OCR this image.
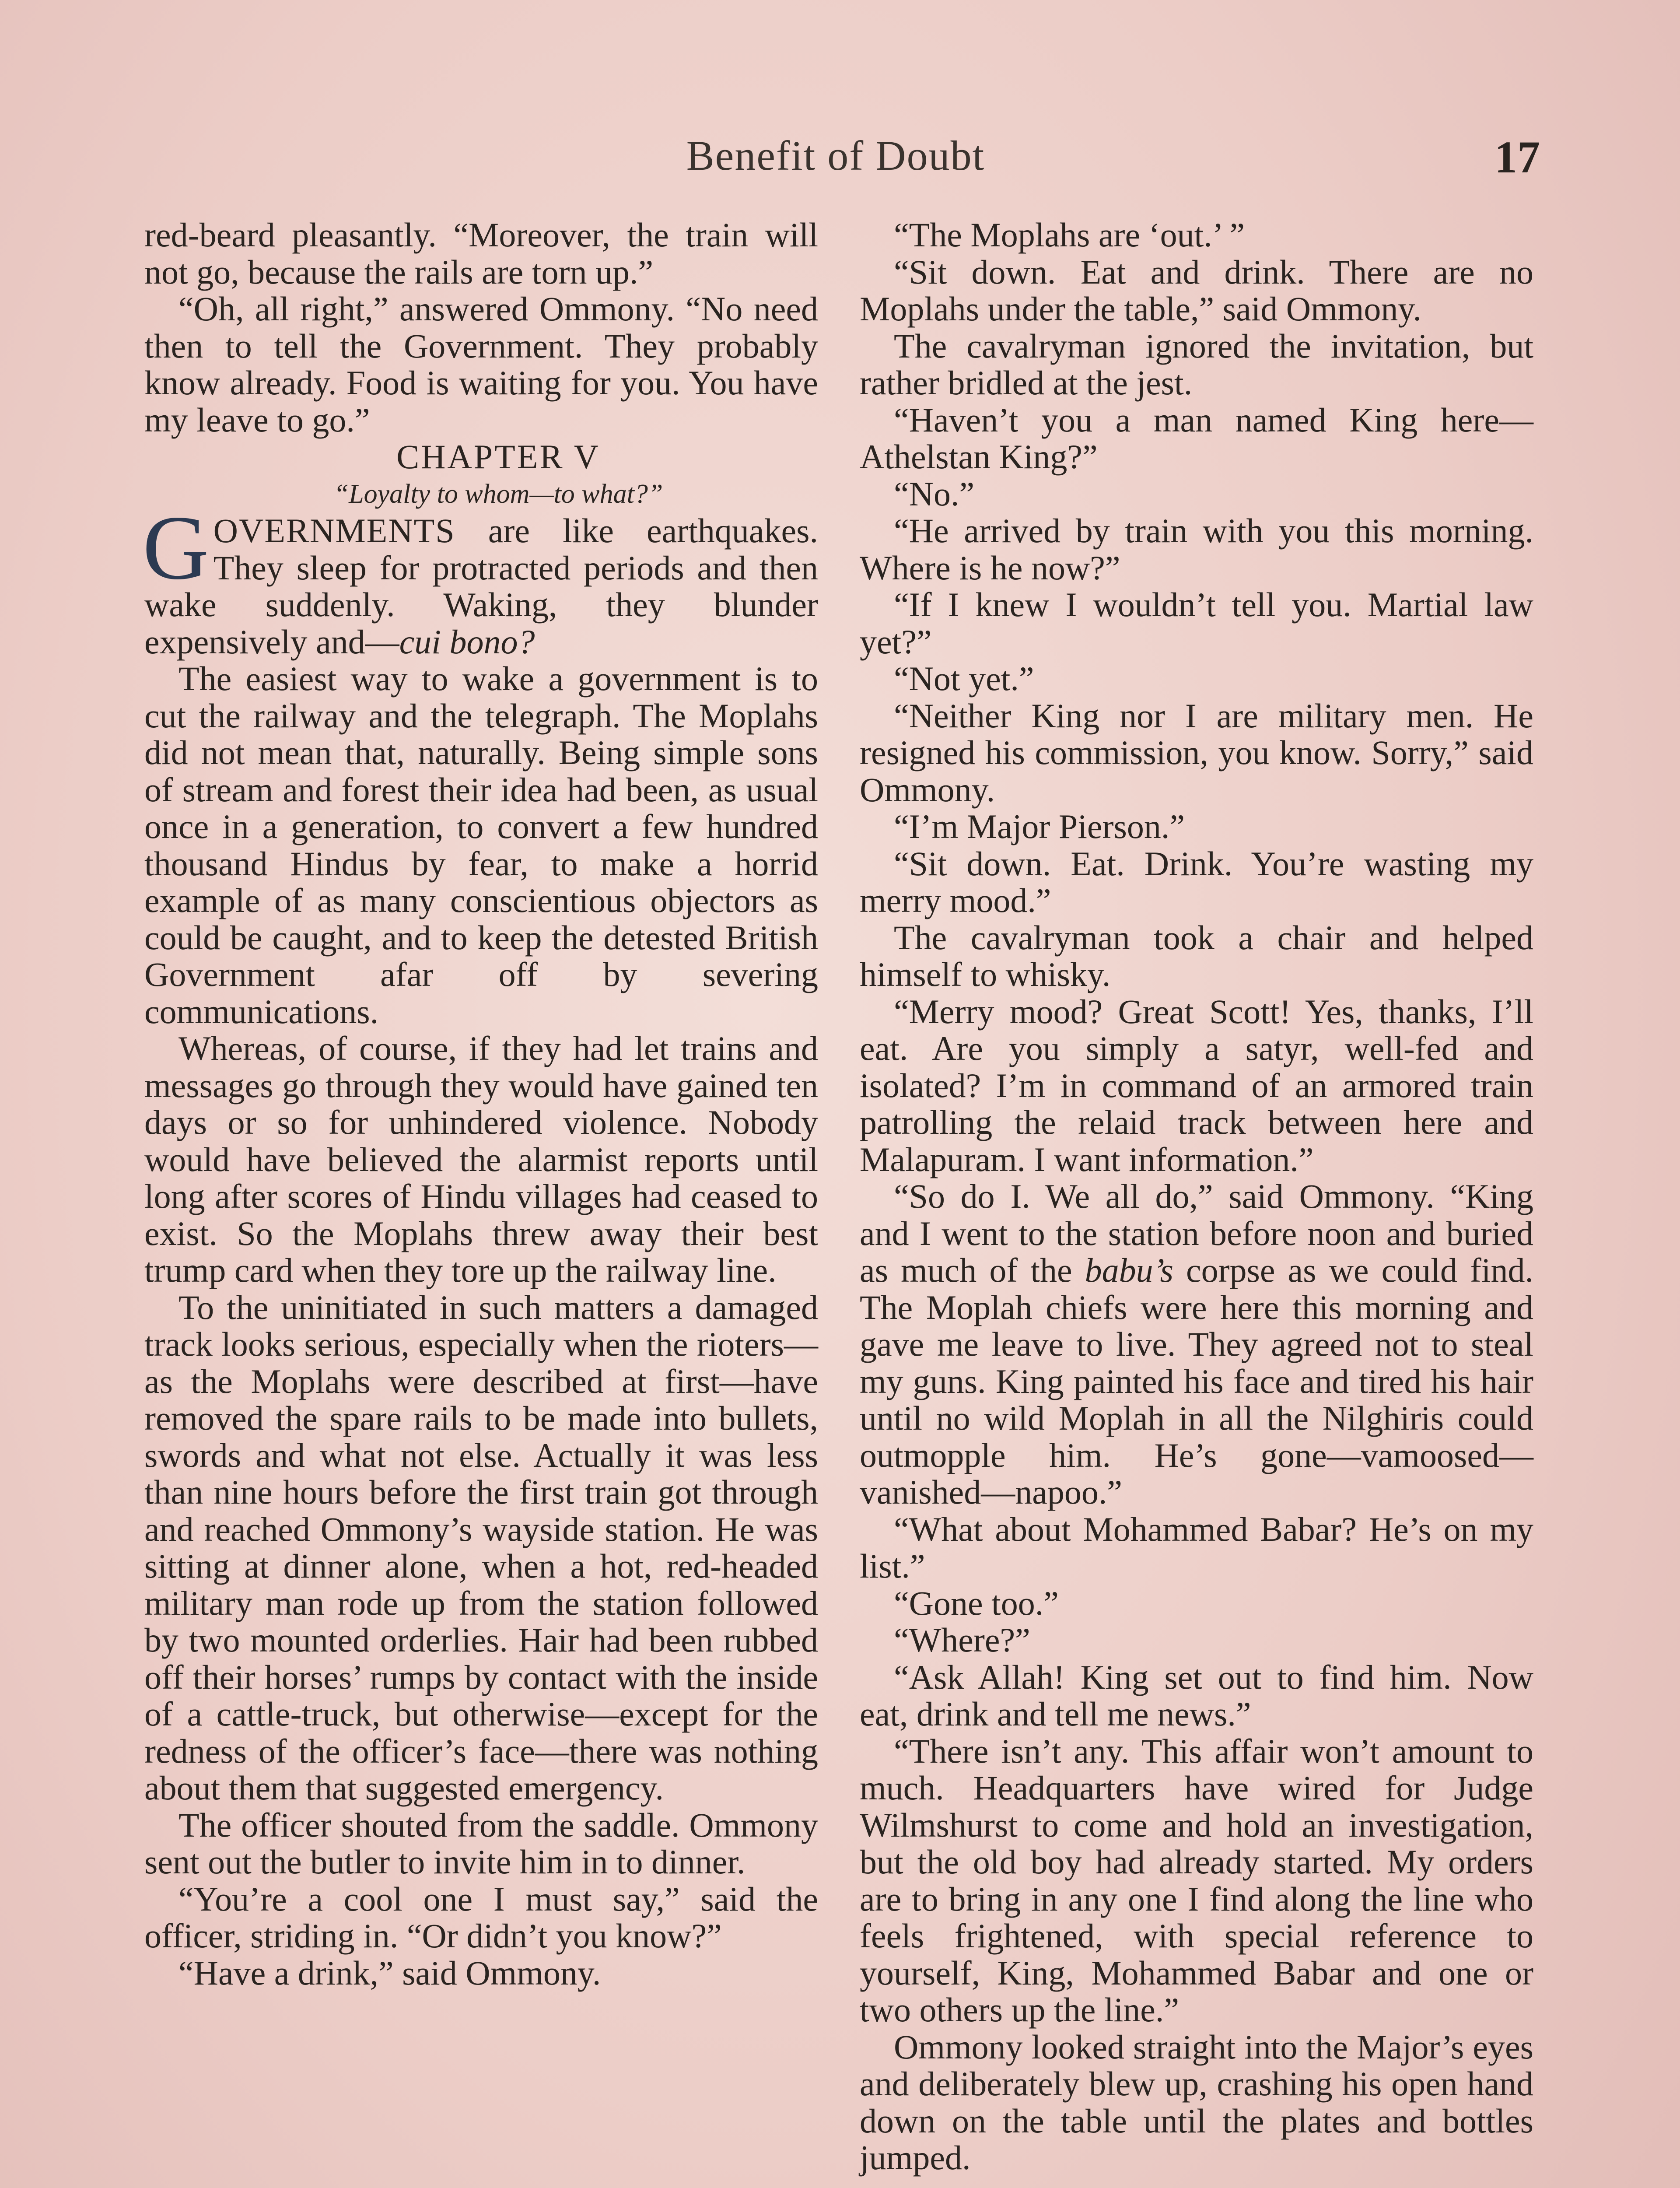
Benefit of Doubt	17

red-beard pleasantly. “Moreover, the train will not go, because the rails are torn up.”

“Oh, all right,” answered Ommony. “No need then to tell the Government. They probably know already. Food is waiting for you. You have my leave to go.”

CHAPTER V

“Loyalty to whom—to what?”

GOVERNMENTS are like earthquakes. They sleep for protracted periods and then wake suddenly. Waking, they blunder expensively and—cui bono?

The easiest way to wake a government is to cut the railway and the telegraph. The Moplahs did not mean that, naturally. Being simple sons of stream and forest their idea had been, as usual once in a generation, to convert a few hundred thousand Hindus by fear, to make a horrid example of as many conscientious objectors as could be caught, and to keep the detested British Government afar off by severing communications.

Whereas, of course, if they had let trains and messages go through they would have gained ten days or so for unhindered violence. Nobody would have believed the alarmist reports until long after scores of Hindu villages had ceased to exist. So the Moplahs threw away their best trump card when they tore up the railway line.

To the uninitiated in such matters a damaged track looks serious, especially when the rioters—as the Moplahs were described at first—have removed the spare rails to be made into bullets, swords and what not else. Actually it was less than nine hours before the first train got through and reached Ommony’s wayside station. He was sitting at dinner alone, when a hot, red-headed military man rode up from the station followed by two mounted orderlies. Hair had been rubbed off their horses’ rumps by contact with the inside of a cattle-truck, but otherwise—except for the redness of the officer’s face—there was nothing about them that suggested emergency.

The officer shouted from the saddle. Ommony sent out the butler to invite him in to dinner.

“You’re a cool one I must say,” said the officer, striding in. “Or didn’t you know?”

“Have a drink,” said Ommony.

“The Moplahs are ‘out.’ ”

“Sit down. Eat and drink. There are no Moplahs under the table,” said Ommony.

The cavalryman ignored the invitation, but rather bridled at the jest.

“Haven’t you a man named King here—Athelstan King?”

“No.”

“He arrived by train with you this morning. Where is he now?”

“If I knew I wouldn’t tell you. Martial law yet?”

“Not yet.”

“Neither King nor I are military men. He resigned his commission, you know. Sorry,” said Ommony.

“I’m Major Pierson.”

“Sit down. Eat. Drink. You’re wasting my merry mood.”

The cavalryman took a chair and helped himself to whisky.

“Merry mood? Great Scott! Yes, thanks, I’ll eat. Are you simply a satyr, well-fed and isolated? I’m in command of an armored train patrolling the relaid track between here and Malapuram. I want information.”

“So do I. We all do,” said Ommony. “King and I went to the station before noon and buried as much of the babu’s corpse as we could find. The Moplah chiefs were here this morning and gave me leave to live. They agreed not to steal my guns. King painted his face and tired his hair until no wild Moplah in all the Nilghiris could outmopple him. He’s gone—vamoosed—vanished—napoo.”

“What about Mohammed Babar? He’s on my list.”

“Gone too.”

“Where?”

“Ask Allah! King set out to find him. Now eat, drink and tell me news.”

“There isn’t any. This affair won’t amount to much. Headquarters have wired for Judge Wilmshurst to come and hold an investigation, but the old boy had already started. My orders are to bring in any one I find along the line who feels frightened, with special reference to yourself, King, Mohammed Babar and one or two others up the line.”

Ommony looked straight into the Major’s eyes and deliberately blew up, crashing his open hand down on the table until the plates and bottles jumped.
